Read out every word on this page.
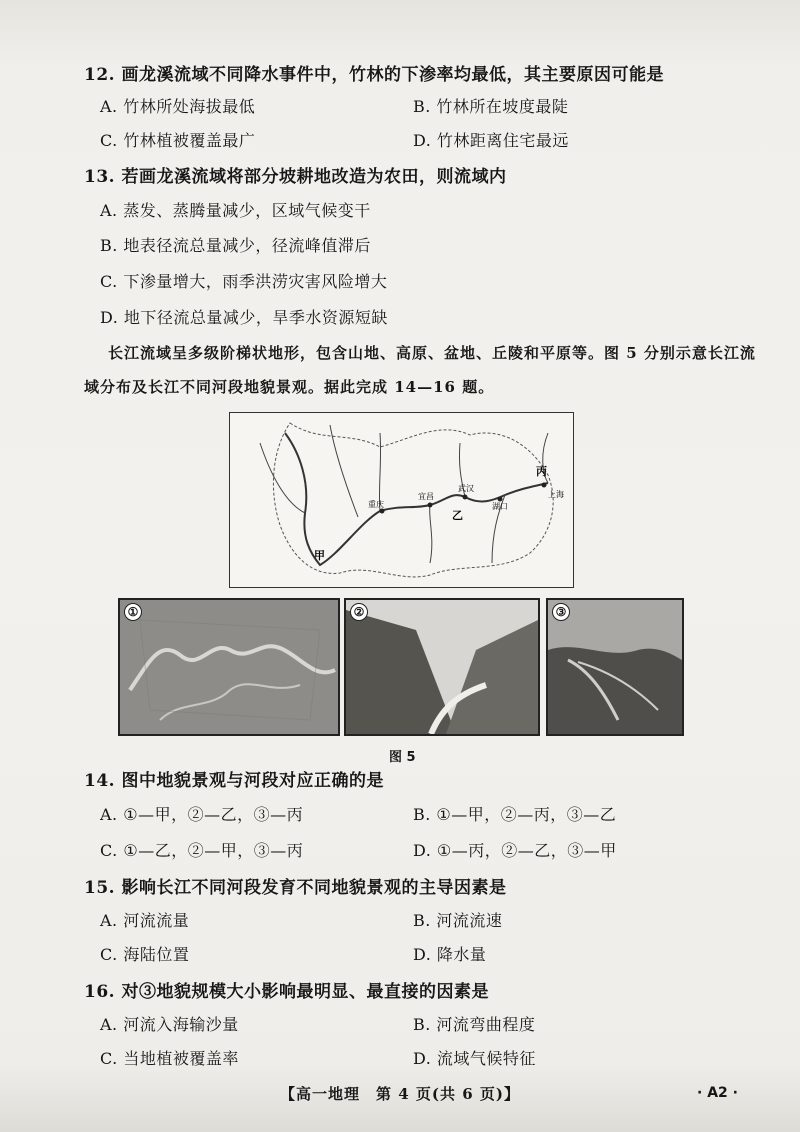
12. 画龙溪流域不同降水事件中，竹林的下渗率均最低，其主要原因可能是
A. 竹林所处海拔最低	B. 竹林所在坡度最陡
C. 竹林植被覆盖最广	D. 竹林距离住宅最远
13. 若画龙溪流域将部分坡耕地改造为农田，则流域内
A. 蒸发、蒸腾量减少，区域气候变干
B. 地表径流总量减少，径流峰值滞后
C. 下渗量增大，雨季洪涝灾害风险增大
D. 地下径流总量减少，旱季水资源短缺
长江流域呈多级阶梯状地形，包含山地、高原、盆地、丘陵和平原等。图 5 分别示意长江流
域分布及长江不同河段地貌景观。据此完成 14—16 题。
重庆
宜昌
武汉
湖口
上海
甲
乙
丙
①	②	③
图 5
14. 图中地貌景观与河段对应正确的是
A. ①—甲，②—乙，③—丙	B. ①—甲，②—丙，③—乙
C. ①—乙，②—甲，③—丙	D. ①—丙，②—乙，③—甲
15. 影响长江不同河段发育不同地貌景观的主导因素是
A. 河流流量	B. 河流流速
C. 海陆位置	D. 降水量
16. 对③地貌规模大小影响最明显、最直接的因素是
A. 河流入海输沙量	B. 河流弯曲程度
C. 当地植被覆盖率	D. 流域气候特征
【高一地理　第 4 页(共 6 页)】	· A2 ·
